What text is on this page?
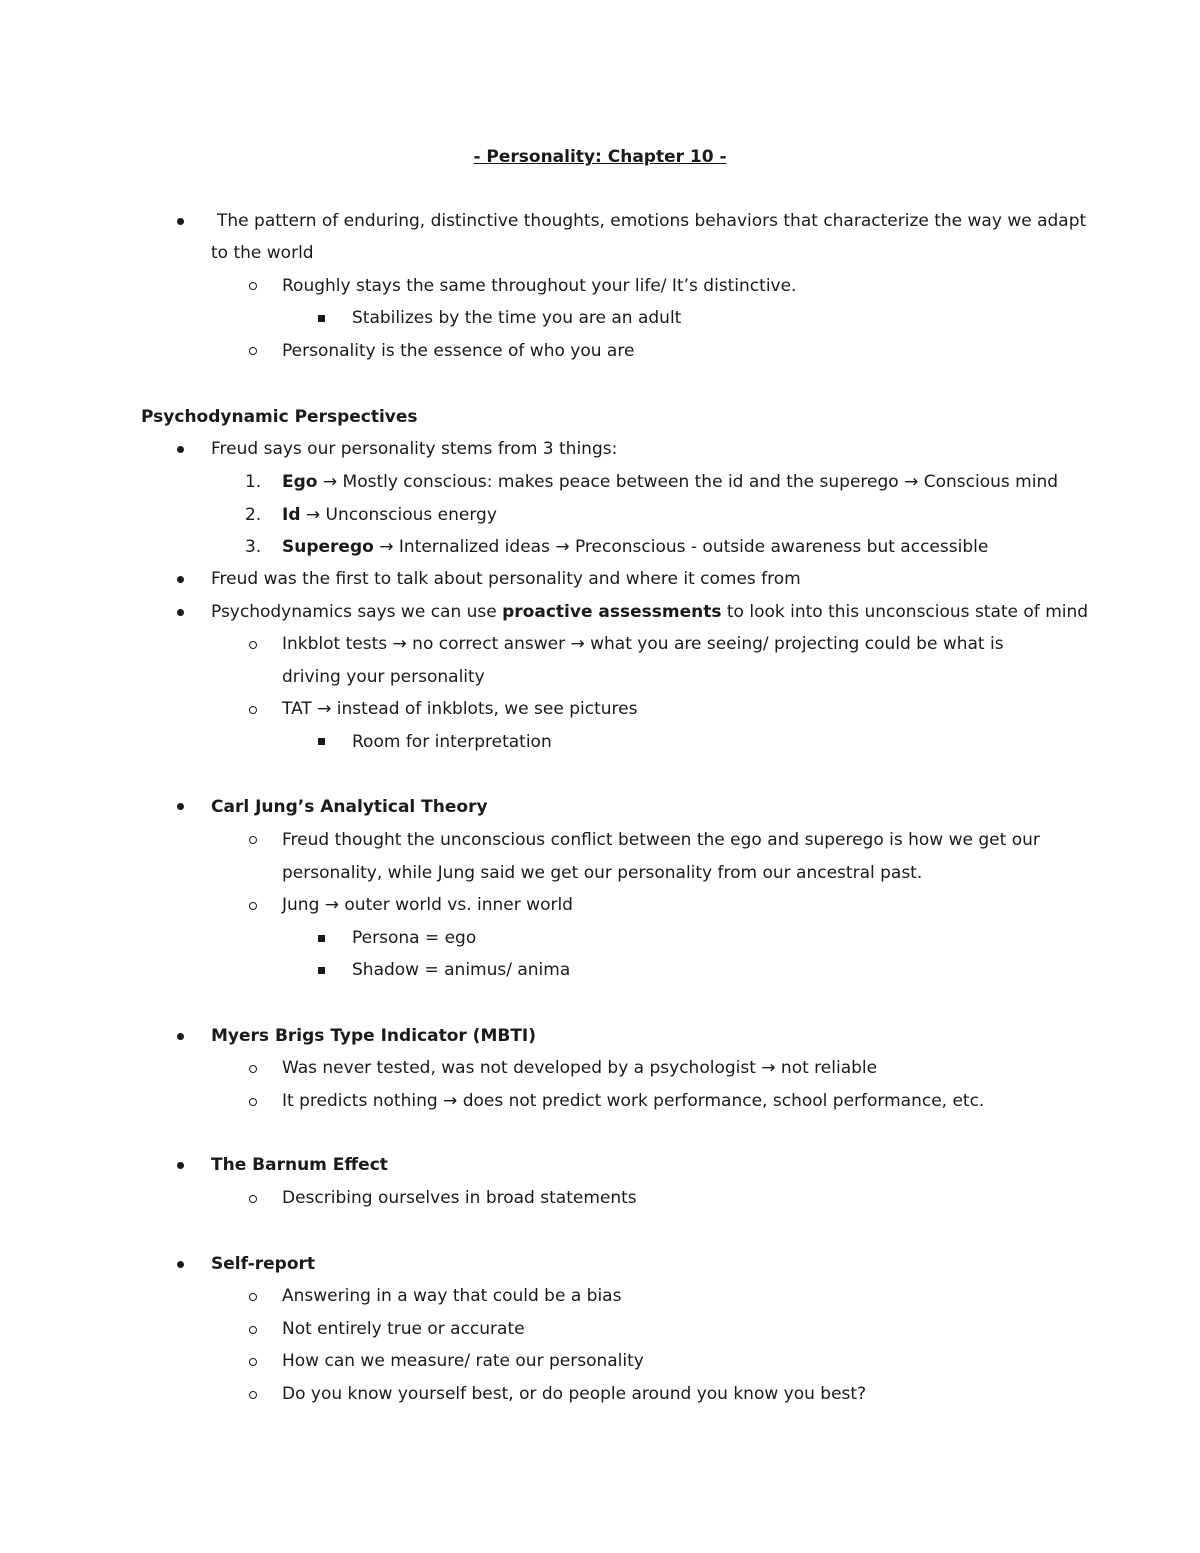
- Personality: Chapter 10 -
The pattern of enduring, distinctive thoughts, emotions behaviors that characterize the way we adapt
to the world
Roughly stays the same throughout your life/ It’s distinctive.
Stabilizes by the time you are an adult
Personality is the essence of who you are
Psychodynamic Perspectives
Freud says our personality stems from 3 things:
1. Ego → Mostly conscious: makes peace between the id and the superego → Conscious mind
2. Id → Unconscious energy
3. Superego → Internalized ideas → Preconscious - outside awareness but accessible
Freud was the first to talk about personality and where it comes from
Psychodynamics says we can use proactive assessments to look into this unconscious state of mind
Inkblot tests → no correct answer → what you are seeing/ projecting could be what is
driving your personality
TAT → instead of inkblots, we see pictures
Room for interpretation
Carl Jung’s Analytical Theory
Freud thought the unconscious conflict between the ego and superego is how we get our
personality, while Jung said we get our personality from our ancestral past.
Jung → outer world vs. inner world
Persona = ego
Shadow = animus/ anima
Myers Brigs Type Indicator (MBTI)
Was never tested, was not developed by a psychologist → not reliable
It predicts nothing → does not predict work performance, school performance, etc.
The Barnum Effect
Describing ourselves in broad statements
Self-report
Answering in a way that could be a bias
Not entirely true or accurate
How can we measure/ rate our personality
Do you know yourself best, or do people around you know you best?
